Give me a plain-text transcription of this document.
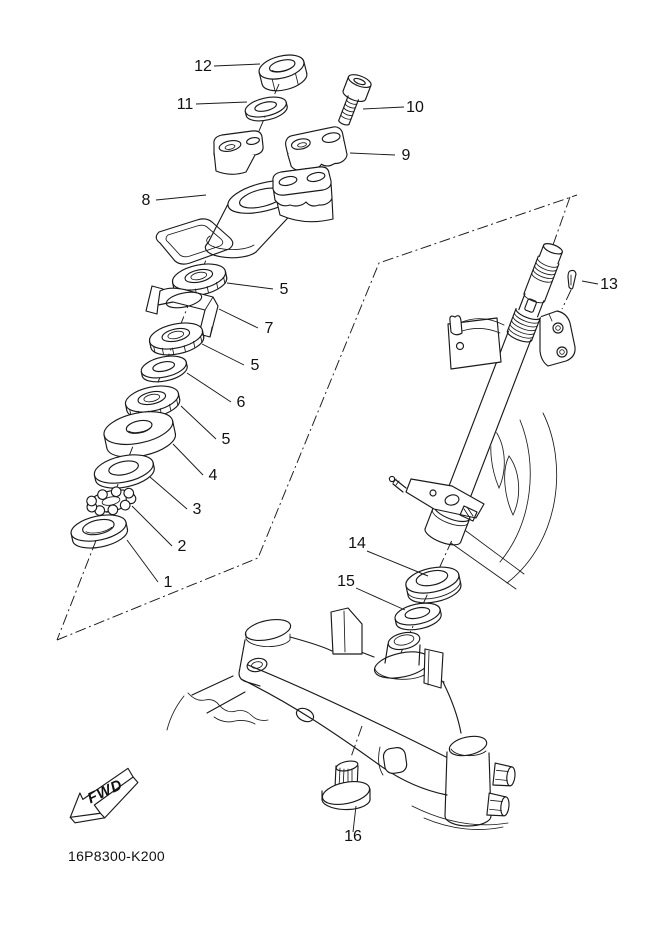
12
11	10
9
8
5
7
5
6
5
4
3
2
1
13
14
15
16
FWD
16P8300-K200
